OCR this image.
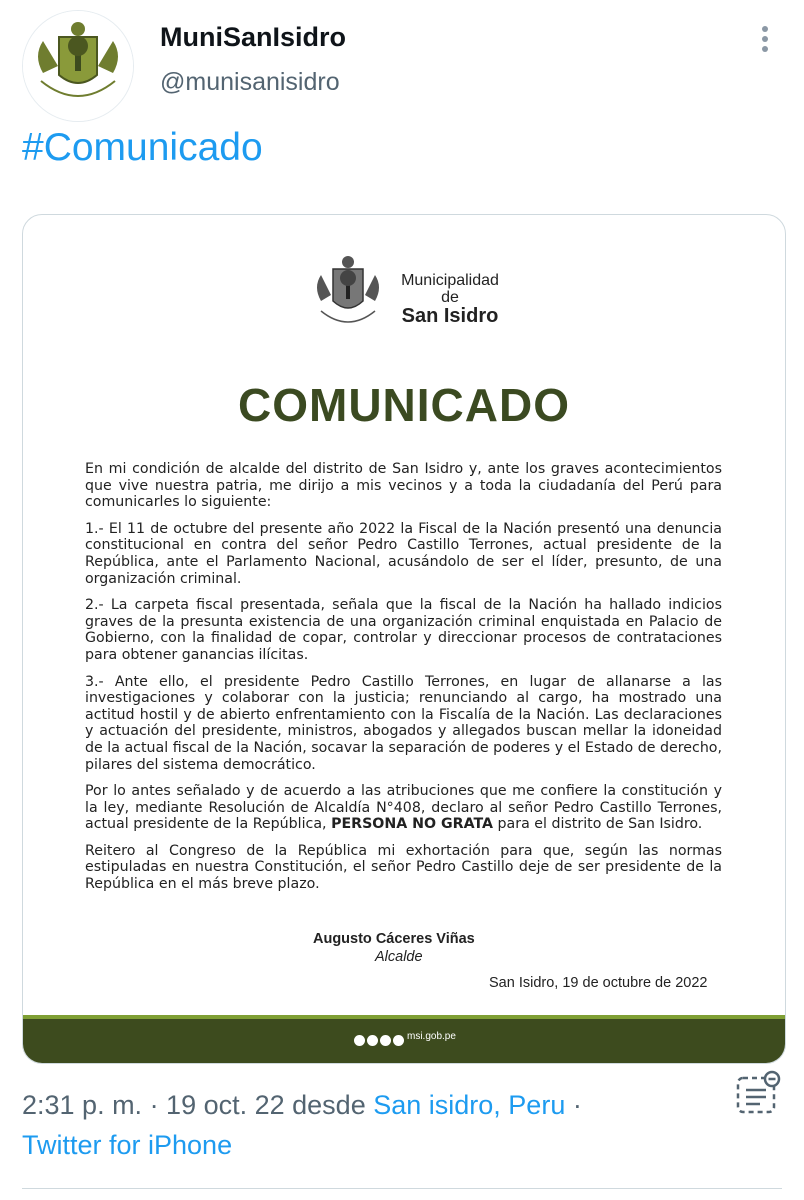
MuniSanIsidro
@munisanisidro
#Comunicado
Municipalidad
de
San Isidro
COMUNICADO

En mi condición de alcalde del distrito de San Isidro y, ante los graves acontecimientos que vive nuestra patria, me dirijo a mis vecinos y a toda la ciudadanía del Perú para comunicarles lo siguiente:

1.- El 11 de octubre del presente año 2022 la Fiscal de la Nación presentó una denuncia constitucional en contra del señor Pedro Castillo Terrones, actual presidente de la República, ante el Parlamento Nacional, acusándolo de ser el líder, presunto, de una organización criminal.

2.- La carpeta fiscal presentada, señala que la fiscal de la Nación ha hallado indicios graves de la presunta existencia de una organización criminal enquistada en Palacio de Gobierno, con la finalidad de copar, controlar y direccionar procesos de contrataciones para obtener ganancias ilícitas.

3.- Ante ello, el presidente Pedro Castillo Terrones, en lugar de allanarse a las investigaciones y colaborar con la justicia; renunciando al cargo, ha mostrado una actitud hostil y de abierto enfrentamiento con la Fiscalía de la Nación. Las declaraciones y actuación del presidente, ministros, abogados y allegados buscan mellar la idoneidad de la actual fiscal de la Nación, socavar la separación de poderes y el Estado de derecho, pilares del sistema democrático.

Por lo antes señalado y de acuerdo a las atribuciones que me confiere la constitución y la ley, mediante Resolución de Alcaldía N°408, declaro al señor Pedro Castillo Terrones, actual presidente de la República, PERSONA NO GRATA para el distrito de San Isidro.

Reitero al Congreso de la República mi exhortación para que, según las normas estipuladas en nuestra Constitución, el señor Pedro Castillo deje de ser presidente de la República en el más breve plazo.

Augusto Cáceres Viñas
Alcalde
San Isidro, 19 de octubre de 2022
msi.gob.pe
2:31 p. m. · 19 oct. 22 desde San isidro, Peru ·
Twitter for iPhone
